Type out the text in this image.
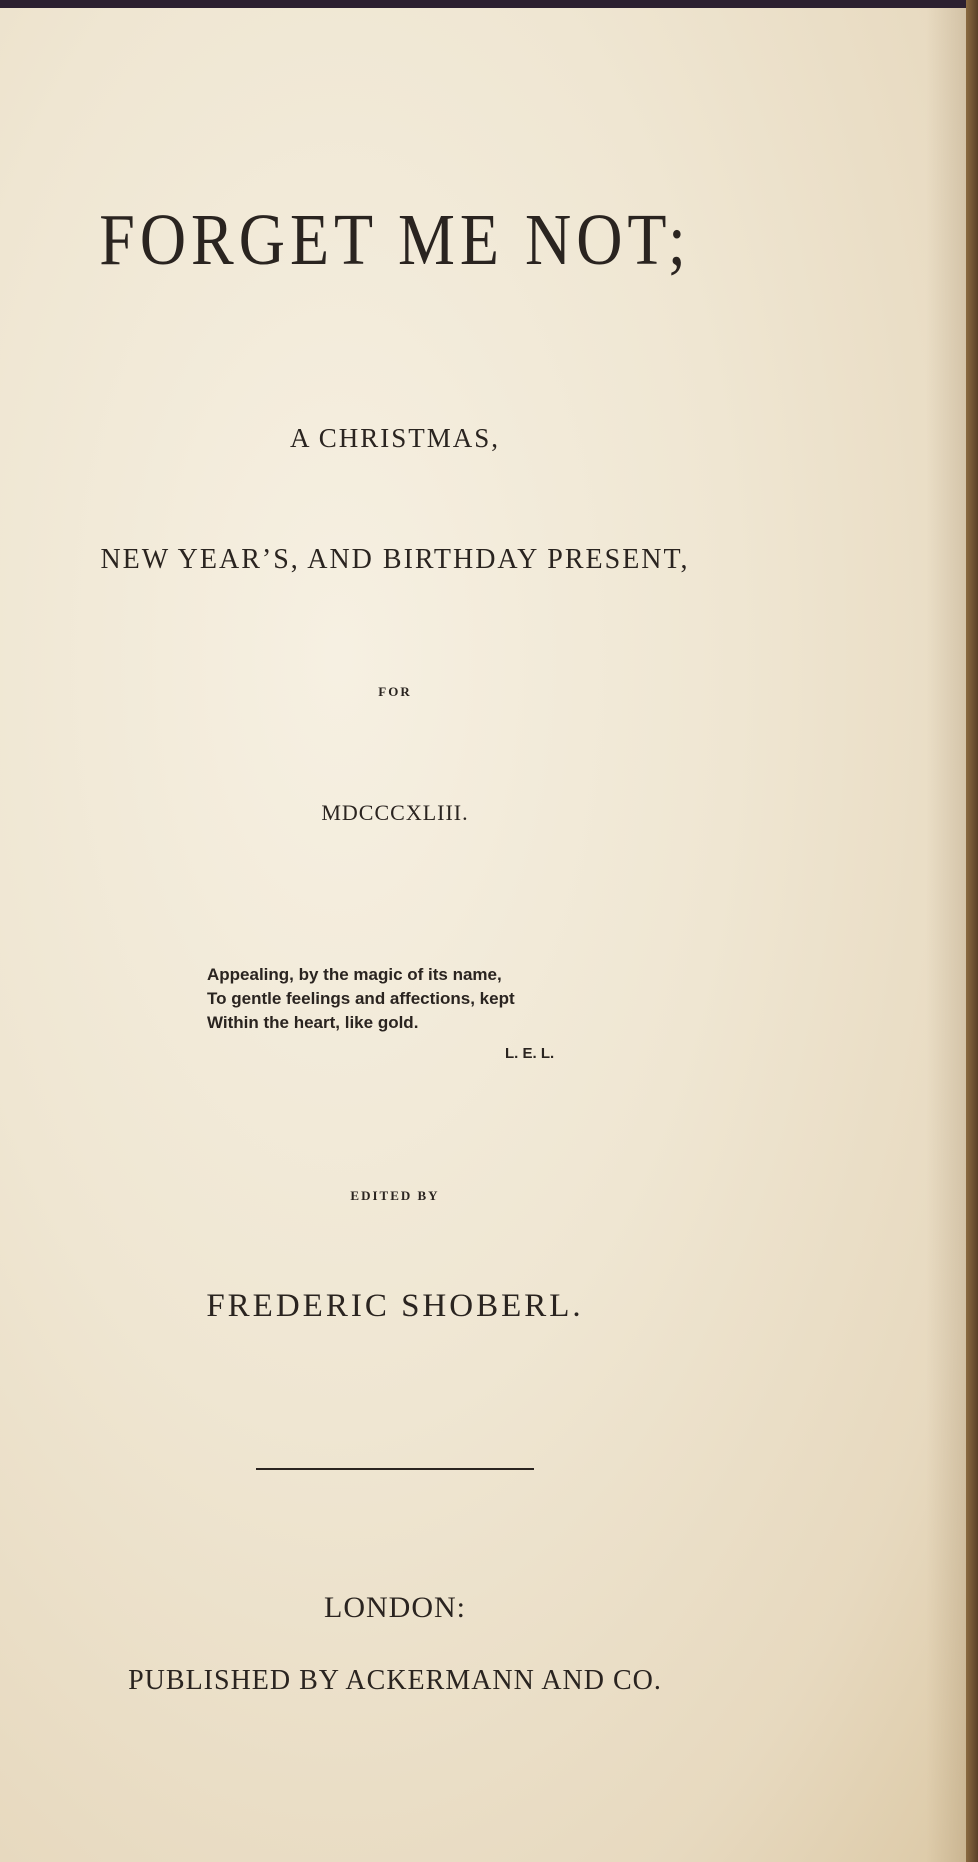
FORGET ME NOT;
A CHRISTMAS,
NEW YEAR’S, AND BIRTHDAY PRESENT,
FOR
MDCCCXLIII.
Appealing, by the magic of its name,
To gentle feelings and affections, kept
Within the heart, like gold.
L. E. L.
EDITED BY
FREDERIC SHOBERL.
LONDON:
PUBLISHED BY ACKERMANN AND CO.
